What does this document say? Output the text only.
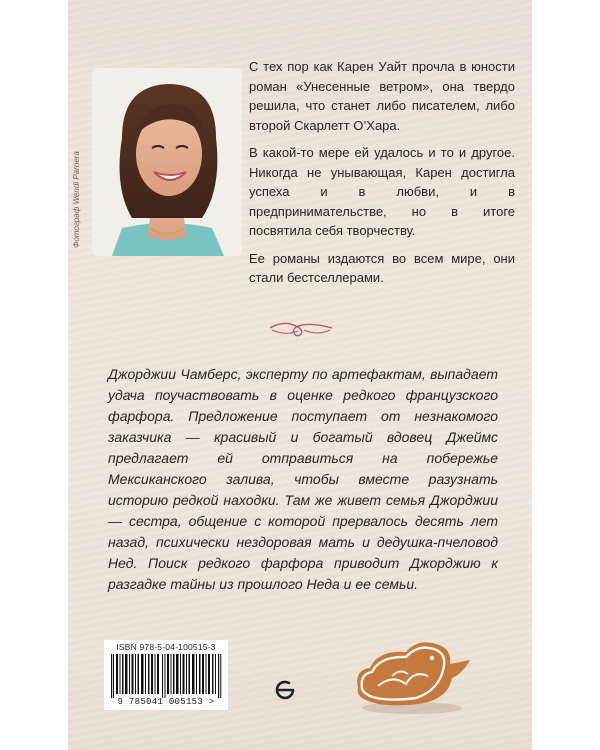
Фотограф Wendi Parriera

С тех пор как Карен Уайт прочла в юности роман «Унесенные ветром», она твердо решила, что станет либо писателем, либо второй Скарлетт О’Хара.

В какой-то мере ей удалось и то и другое. Никогда не унывающая, Карен достигла успеха и в любви, и в предпринимательстве, но в итоге посвятила себя творчеству.

Ее романы издаются во всем мире, они стали бестселлерами.

Джорджии Чамберс, эксперту по артефактам, выпадает удача поучаствовать в оценке редкого французского фарфора. Предложение поступает от незнакомого заказчика — красивый и богатый вдовец Джеймс предлагает ей отправиться на побережье Мексиканского залива, чтобы вместе разузнать историю редкой находки. Там же живет семья Джорджии — сестра, общение с которой прервалось десять лет назад, психически нездоровая мать и дедушка-пчеловод Нед. Поиск редкого фарфора приводит Джорджию к разгадке тайны из прошлого Неда и ее семьи.
ISBN 978-5-04-100515-3
9 785041 005153 >
